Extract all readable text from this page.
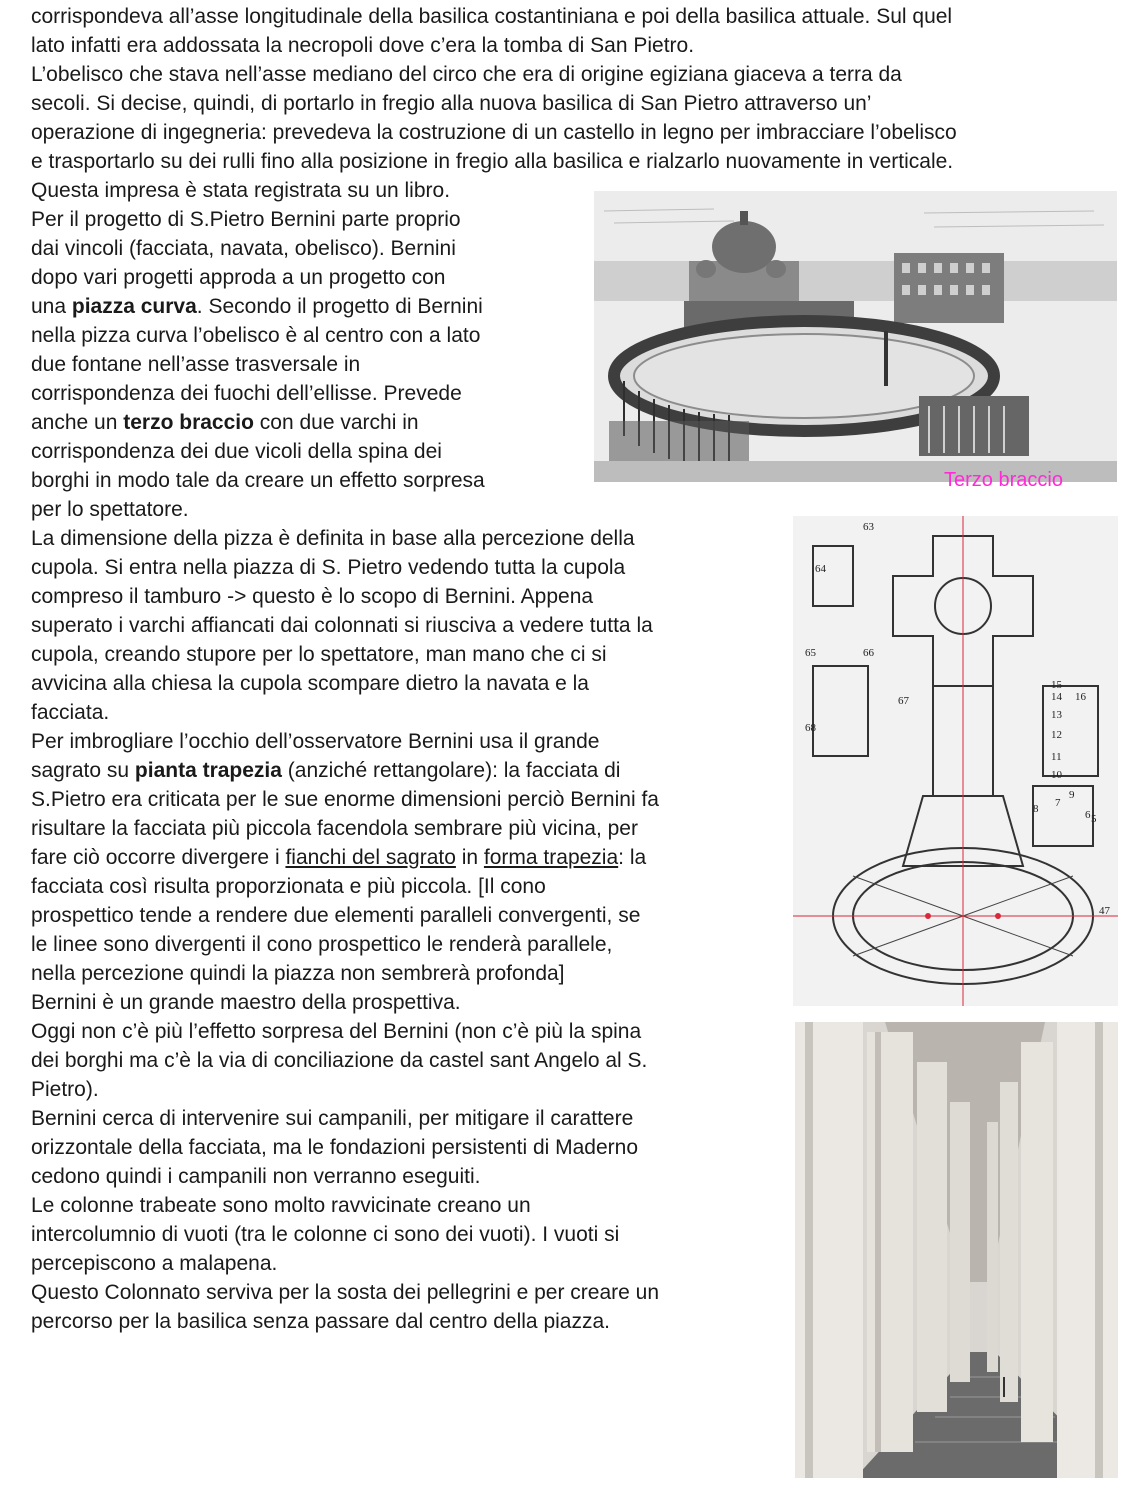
corrispondeva all’asse longitudinale della basilica costantiniana e poi della basilica attuale. Sul quel

lato infatti era addossata la necropoli dove c’era la tomba di San Pietro.

L’obelisco che stava nell’asse mediano del circo che era di origine egiziana giaceva a terra da

secoli. Si decise, quindi, di portarlo in fregio alla nuova basilica di San Pietro attraverso un’

operazione di ingegneria: prevedeva la costruzione di un castello in legno per imbracciare l’obelisco

e trasportarlo su dei rulli fino alla posizione in fregio alla basilica e rialzarlo nuovamente in verticale.

Questa impresa è stata registrata su un libro.

Per il progetto di S.Pietro Bernini parte proprio

dai vincoli (facciata, navata, obelisco). Bernini

dopo vari progetti approda a un progetto con

una piazza curva. Secondo il progetto di Bernini

nella pizza curva l’obelisco è al centro con a lato

due fontane nell’asse trasversale in

corrispondenza dei fuochi dell’ellisse. Prevede

anche un terzo braccio con due varchi in

corrispondenza dei due vicoli della spina dei

borghi in modo tale da creare un effetto sorpresa

per lo spettatore.

La dimensione della pizza è definita in base alla percezione della

cupola. Si entra nella piazza di S. Pietro vedendo tutta la cupola

compreso il tamburo -> questo è lo scopo di Bernini. Appena

superato i varchi affiancati dai colonnati si riusciva a vedere tutta la

cupola, creando stupore per lo spettatore, man mano che ci si

avvicina alla chiesa la cupola scompare dietro la navata e la

facciata.

Per imbrogliare l’occhio dell’osservatore Bernini usa il grande

sagrato su pianta trapezia (anziché rettangolare): la facciata di

S.Pietro era criticata per le sue enorme dimensioni perciò Bernini fa

risultare la facciata più piccola facendola sembrare più vicina, per

fare ciò occorre divergere i fianchi del sagrato in forma trapezia: la

facciata così risulta proporzionata e più piccola. [Il cono

prospettico tende a rendere due elementi paralleli convergenti, se

le linee sono divergenti il cono prospettico le renderà parallele,

nella percezione quindi la piazza non sembrerà profonda]

Bernini è un grande maestro della prospettiva.

Oggi non c’è più l’effetto sorpresa del Bernini (non c’è più la spina

dei borghi ma c’è la via di conciliazione da castel sant Angelo al S.

Pietro).

Bernini cerca di intervenire sui campanili, per mitigare il carattere

orizzontale della facciata, ma le fondazioni persistenti di Maderno

cedono quindi i campanili non verranno eseguiti.

Le colonne trabeate sono molto ravvicinate creano un

intercolumnio di vuoti (tra le colonne ci sono dei vuoti). I vuoti si

percepiscono a malapena.

Questo Colonnato serviva per la sosta dei pellegrini e per creare un

percorso per la basilica senza passare dal centro della piazza.

Terzo braccio
63
64
65	66
67
68
15
14 16
13
12
11
10
9
8 7
6 5
47
